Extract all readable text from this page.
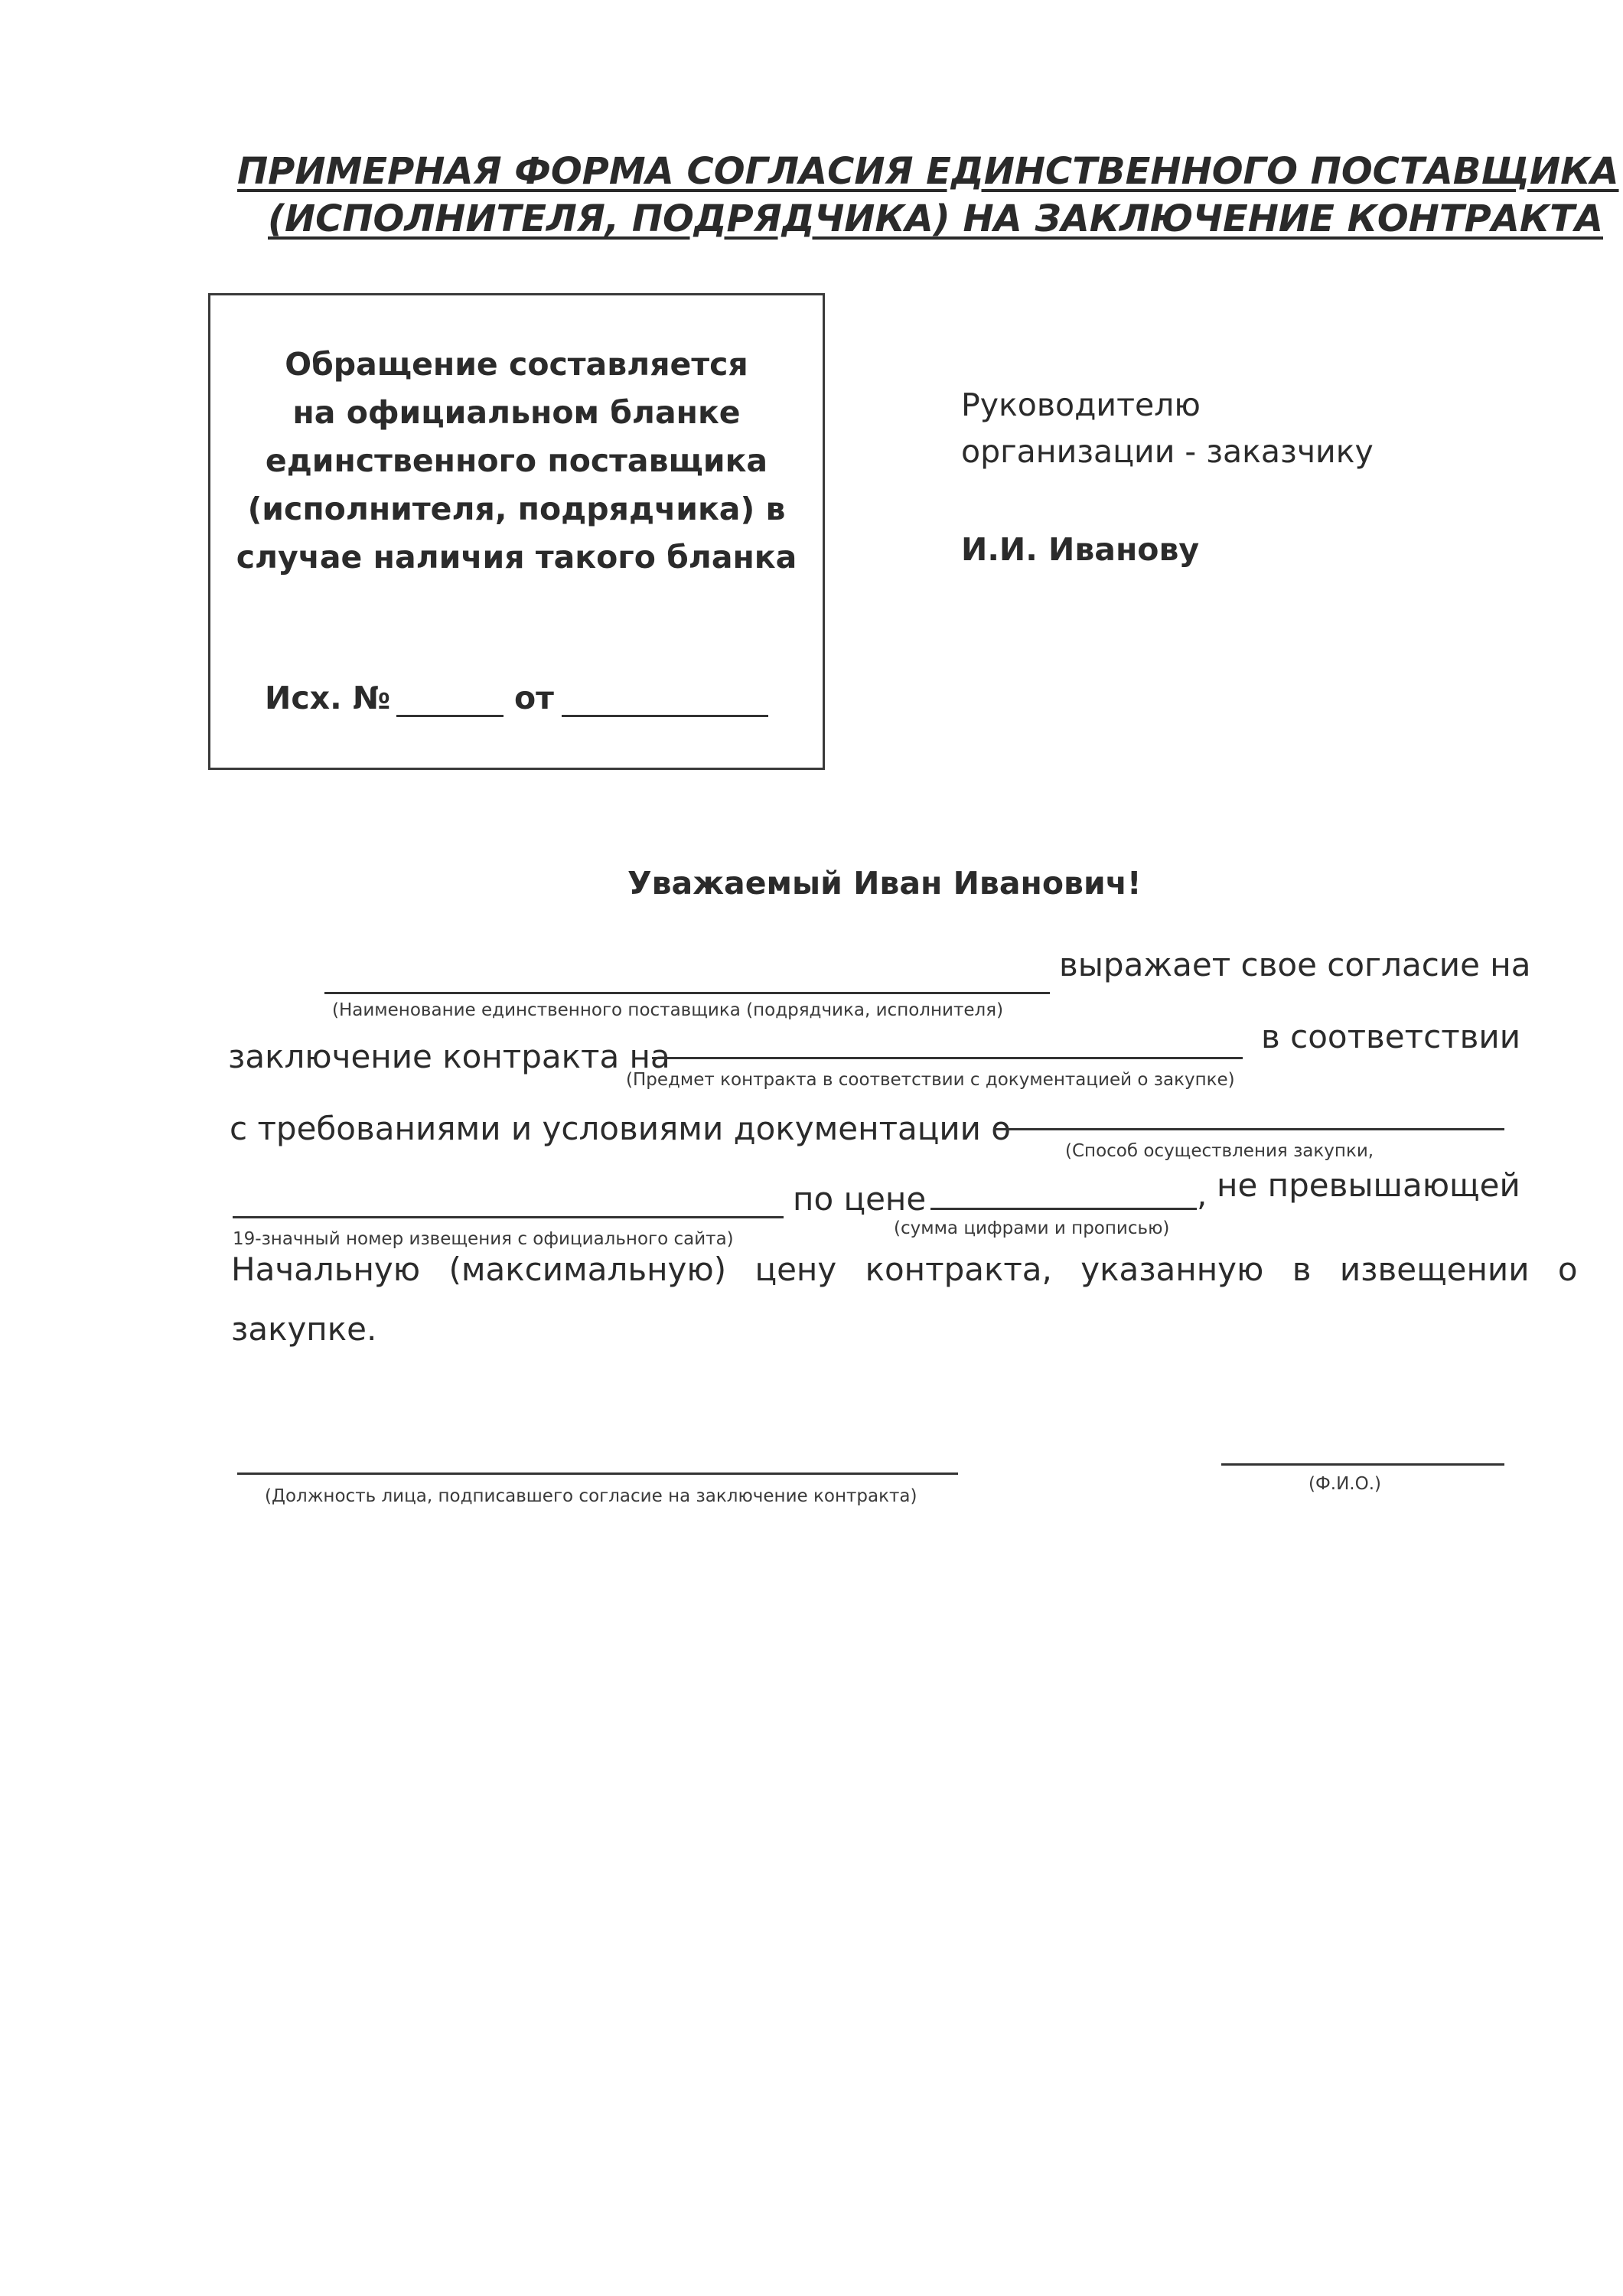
ПРИМЕРНАЯ ФОРМА СОГЛАСИЯ ЕДИНСТВЕННОГО ПОСТАВЩИКА
(ИСПОЛНИТЕЛЯ, ПОДРЯДЧИКА) НА ЗАКЛЮЧЕНИЕ КОНТРАКТА
Обращение составляется
на официальном бланке
единственного поставщика
(исполнителя, подрядчика) в
случае наличия такого бланка
Исх. №	от
Руководителю
организации - заказчику
И.И. Иванову
Уважаемый Иван Иванович!
выражает свое согласие на
(Наименование единственного поставщика (подрядчика, исполнителя)
заключение контракта на
в соответствии
(Предмет контракта в соответствии с документацией о закупке)
с требованиями и условиями документации о
(Способ осуществления закупки,
по цене	, не превышающей
19-значный номер извещения с официального сайта)
(сумма цифрами и прописью)
Начальную (максимальную) цену контракта, указанную в извещении о
закупке.
(Должность лица, подписавшего согласие на заключение контракта)
(Ф.И.О.)
